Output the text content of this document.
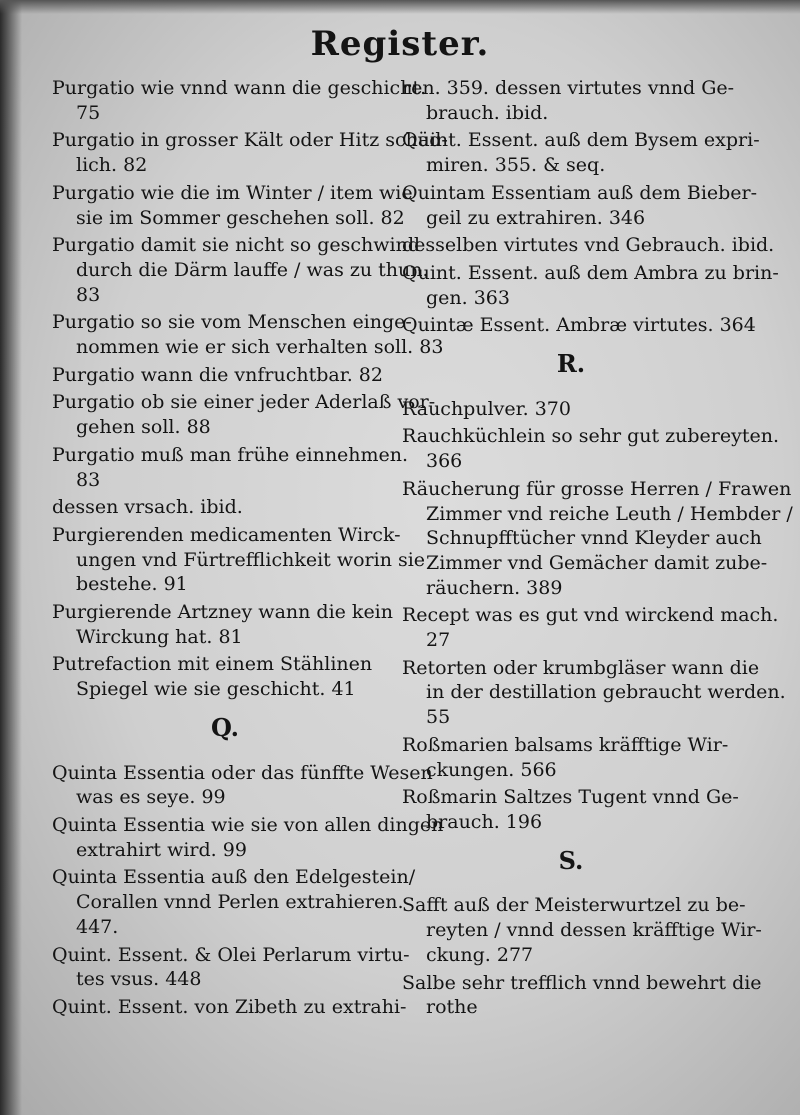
Register.
Purgatio wie vnnd wann die geschicht.
75
Purgatio in grosser Kält oder Hitz schäd-
lich. 82
Purgatio wie die im Winter / item wie
sie im Sommer geschehen soll. 82
Purgatio damit sie nicht so geschwind
durch die Därm lauffe / was zu thun.
83
Purgatio so sie vom Menschen einge-
nommen wie er sich verhalten soll. 83
Purgatio wann die vnfruchtbar. 82
Purgatio ob sie einer jeder Aderlaß vor-
gehen soll. 88
Purgatio muß man frühe einnehmen.
83
dessen vrsach. ibid.
Purgierenden medicamenten Wirck-
ungen vnd Fürtrefflichkeit worin sie
bestehe. 91
Purgierende Artzney wann die kein
Wirckung hat. 81
Putrefaction mit einem Stählinen
Spiegel wie sie geschicht. 41
Q.
Quinta Essentia oder das fünffte Wesen
was es seye. 99
Quinta Essentia wie sie von allen dingen
extrahirt wird. 99
Quinta Essentia auß den Edelgestein/
Corallen vnnd Perlen extrahieren.
447.
Quint. Essent. & Olei Perlarum virtu-
tes vsus. 448
Quint. Essent. von Zibeth zu extrahi-
ren. 359. dessen virtutes vnnd Ge-
brauch. ibid.
Quint. Essent. auß dem Bysem expri-
miren. 355. & seq.
Quintam Essentiam auß dem Bieber-
geil zu extrahiren. 346
desselben virtutes vnd Gebrauch. ibid.
Quint. Essent. auß dem Ambra zu brin-
gen. 363
Quintæ Essent. Ambræ virtutes. 364
R.
Rauchpulver. 370
Rauchküchlein so sehr gut zubereyten.
366
Räucherung für grosse Herren / Frawen
Zimmer vnd reiche Leuth / Hembder /
Schnupfftücher vnnd Kleyder auch
Zimmer vnd Gemächer damit zube-
räuchern. 389
Recept was es gut vnd wirckend mach.
27
Retorten oder krumbgläser wann die
in der destillation gebraucht werden.
55
Roßmarien balsams kräfftige Wir-
ckungen. 566
Roßmarin Saltzes Tugent vnnd Ge-
brauch. 196
S.
Safft auß der Meisterwurtzel zu be-
reyten / vnnd dessen kräfftige Wir-
ckung. 277
Salbe sehr trefflich vnnd bewehrt die
rothe
